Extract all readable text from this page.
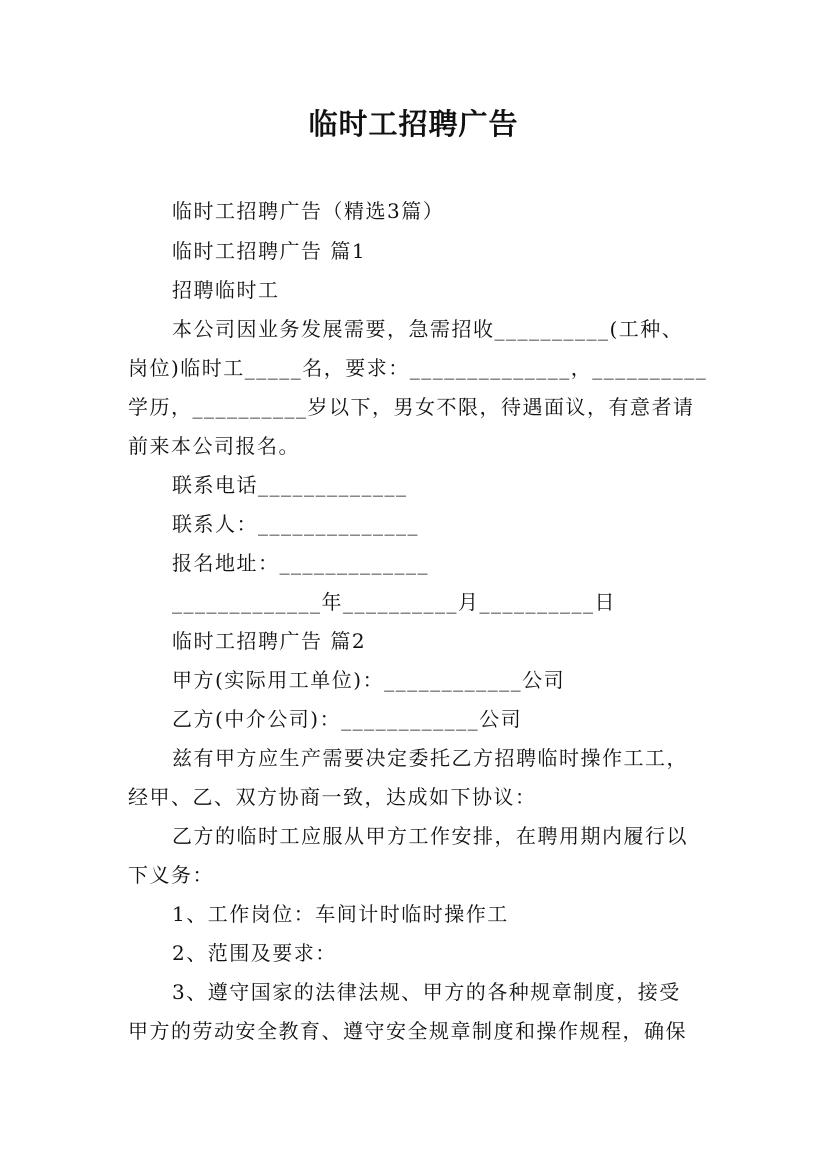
临时工招聘广告
临时工招聘广告（精选3篇）
临时工招聘广告 篇1
招聘临时工
本公司因业务发展需要，急需招收__________(工种、
岗位)临时工_____名，要求：______________，__________
学历，__________岁以下，男女不限，待遇面议，有意者请
前来本公司报名。
联系电话_____________
联系人：______________
报名地址：_____________
_____________年__________月__________日
临时工招聘广告 篇2
甲方(实际用工单位)：____________公司
乙方(中介公司)：____________公司
兹有甲方应生产需要决定委托乙方招聘临时操作工工，
经甲、乙、双方协商一致，达成如下协议：
乙方的临时工应服从甲方工作安排，在聘用期内履行以
下义务：
1、工作岗位：车间计时临时操作工
2、范围及要求：
3、遵守国家的法律法规、甲方的各种规章制度，接受
甲方的劳动安全教育、遵守安全规章制度和操作规程，确保
